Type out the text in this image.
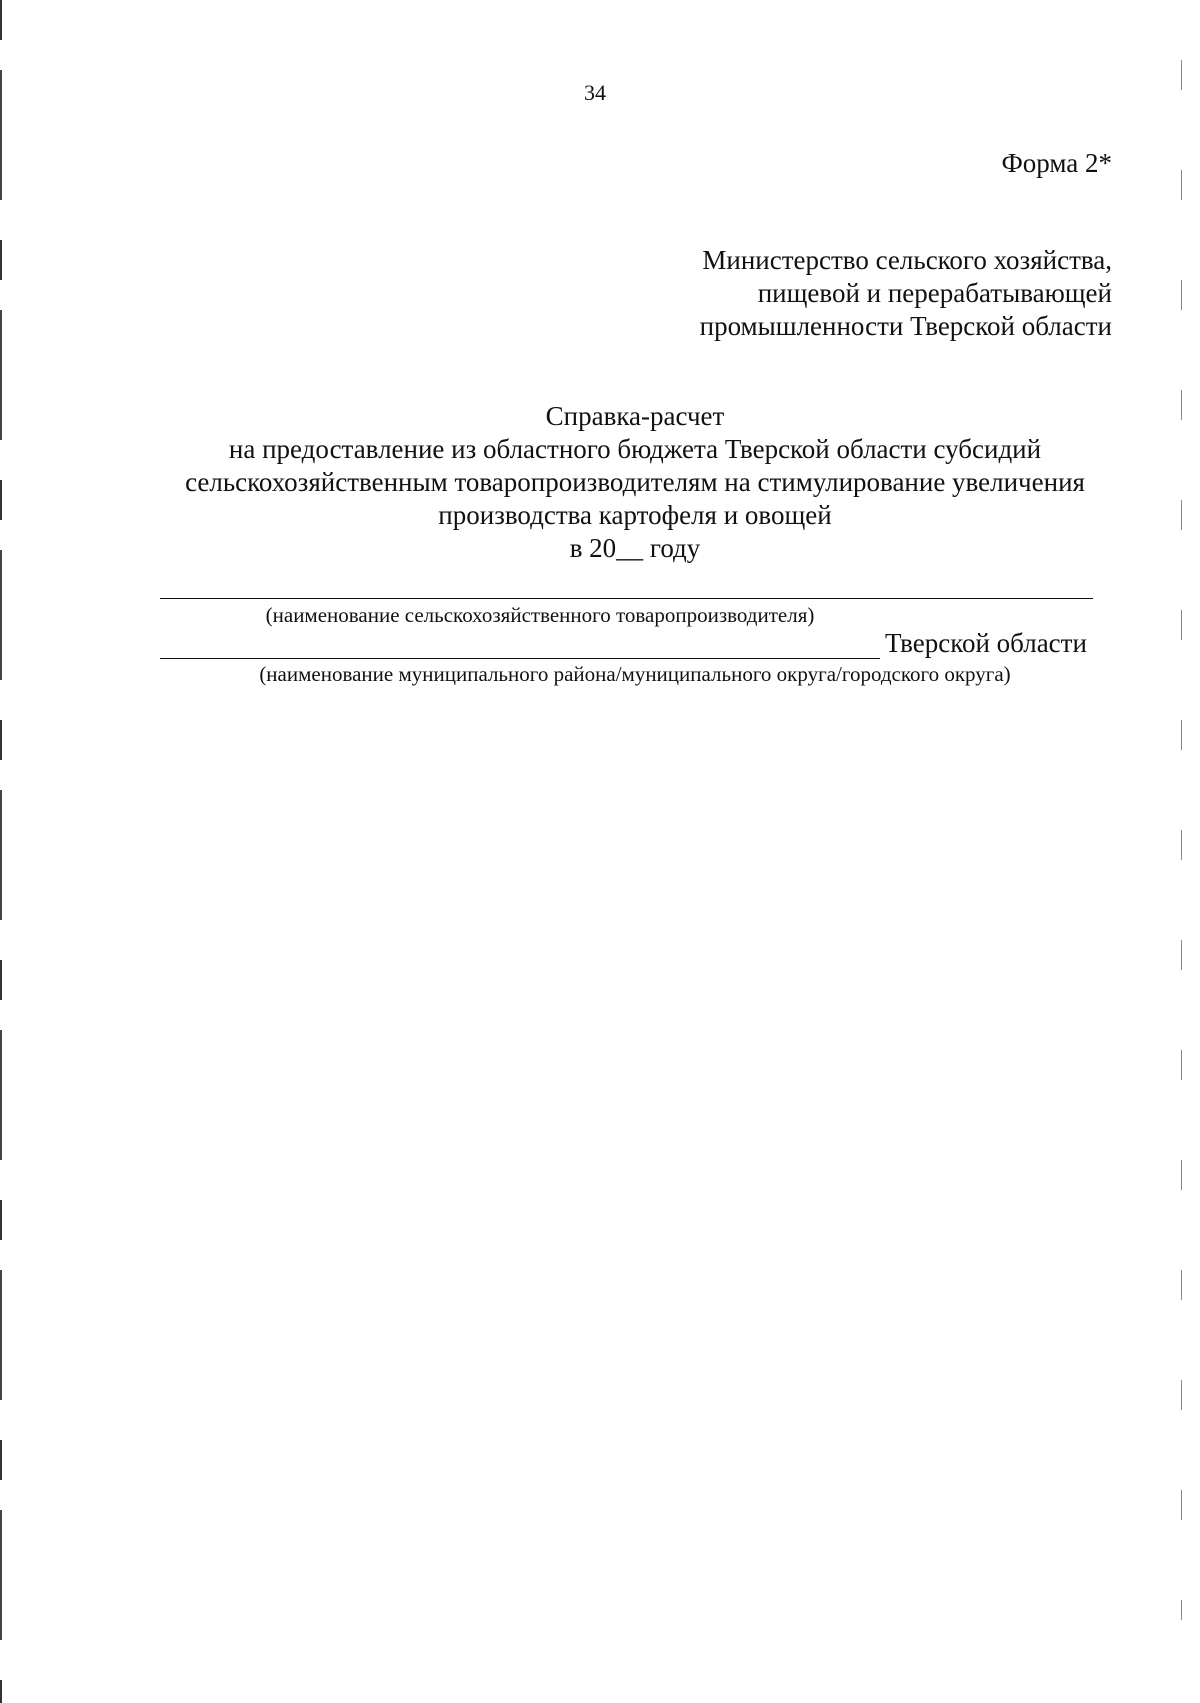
34
Форма 2*
Министерство сельского хозяйства,
пищевой и перерабатывающей
промышленности Тверской области
Справка-расчет
на предоставление из областного бюджета Тверской области субсидий
сельскохозяйственным товаропроизводителям на стимулирование увеличения
производства картофеля и овощей
в 20__ году
(наименование сельскохозяйственного товаропроизводителя)
Тверской области
(наименование муниципального района/муниципального округа/городского округа)
